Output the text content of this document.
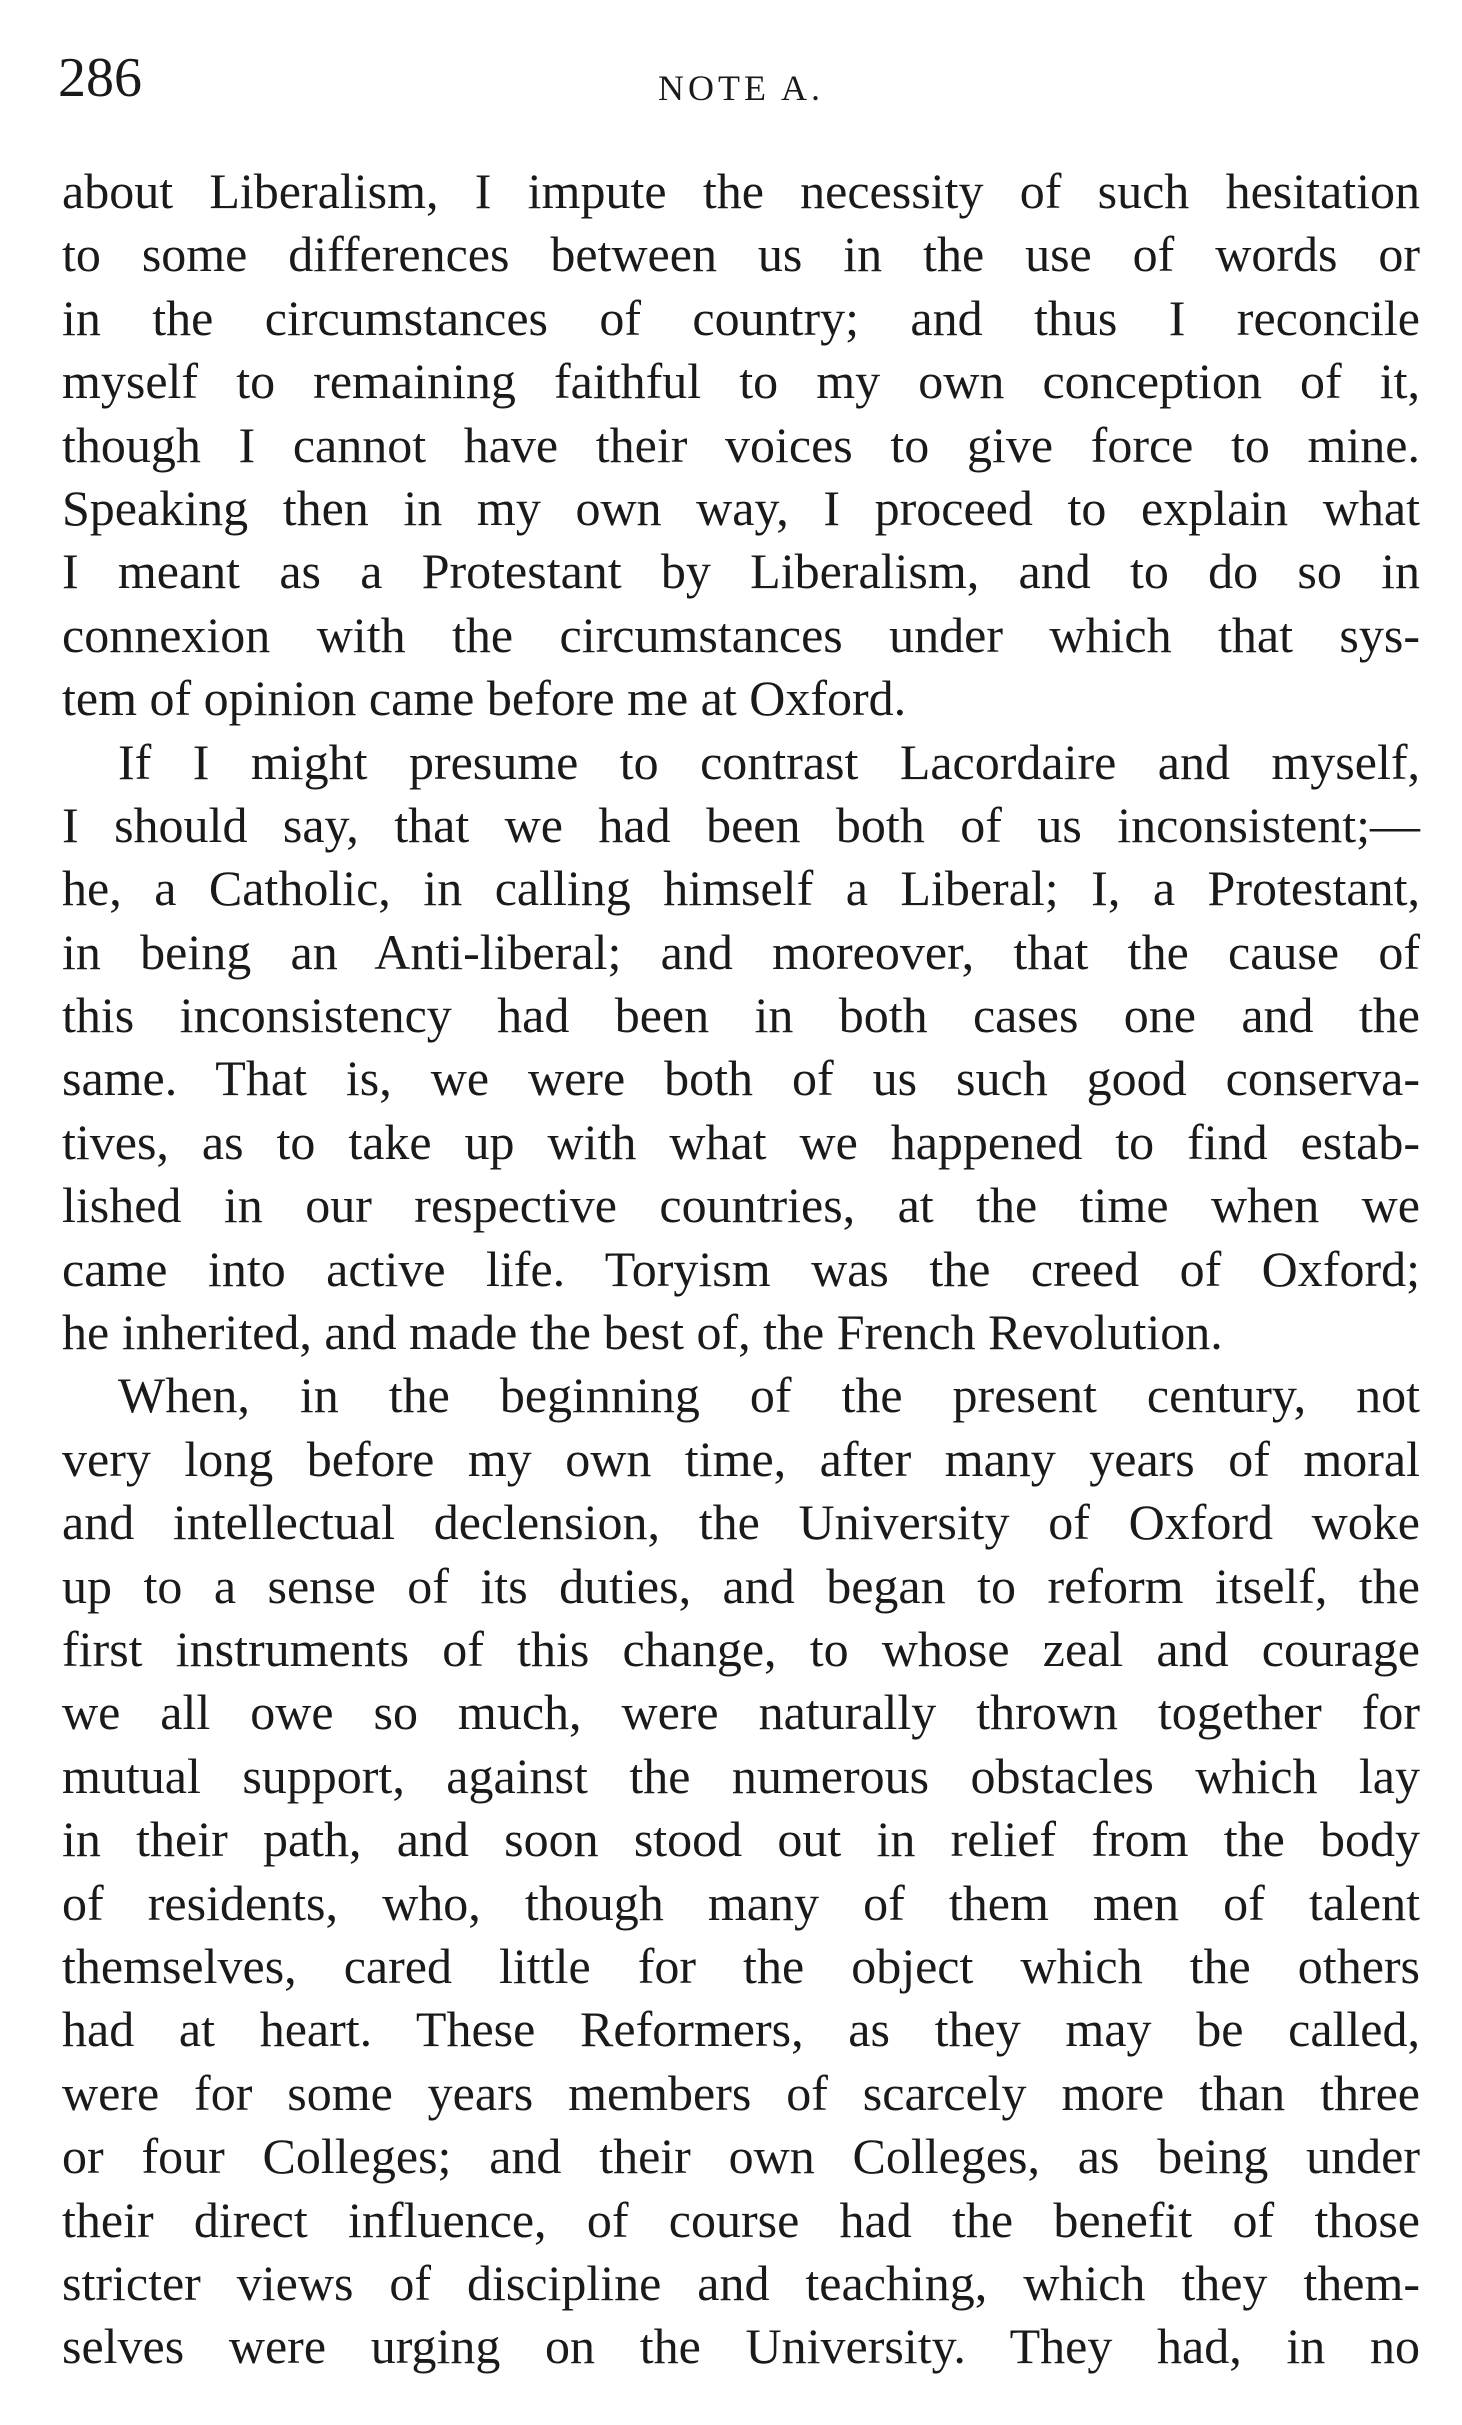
286	NOTE A.
about Liberalism, I impute the necessity of such hesitation
to some differences between us in the use of words or
in the circumstances of country; and thus I reconcile
myself to remaining faithful to my own conception of it,
though I cannot have their voices to give force to mine.
Speaking then in my own way, I proceed to explain what
I meant as a Protestant by Liberalism, and to do so in
connexion with the circumstances under which that sys-
tem of opinion came before me at Oxford.
If I might presume to contrast Lacordaire and myself,
I should say, that we had been both of us inconsistent;—
he, a Catholic, in calling himself a Liberal; I, a Protestant,
in being an Anti-liberal; and moreover, that the cause of
this inconsistency had been in both cases one and the
same. That is, we were both of us such good conserva-
tives, as to take up with what we happened to find estab-
lished in our respective countries, at the time when we
came into active life. Toryism was the creed of Oxford;
he inherited, and made the best of, the French Revolution.
When, in the beginning of the present century, not
very long before my own time, after many years of moral
and intellectual declension, the University of Oxford woke
up to a sense of its duties, and began to reform itself, the
first instruments of this change, to whose zeal and courage
we all owe so much, were naturally thrown together for
mutual support, against the numerous obstacles which lay
in their path, and soon stood out in relief from the body
of residents, who, though many of them men of talent
themselves, cared little for the object which the others
had at heart. These Reformers, as they may be called,
were for some years members of scarcely more than three
or four Colleges; and their own Colleges, as being under
their direct influence, of course had the benefit of those
stricter views of discipline and teaching, which they them-
selves were urging on the University. They had, in no
